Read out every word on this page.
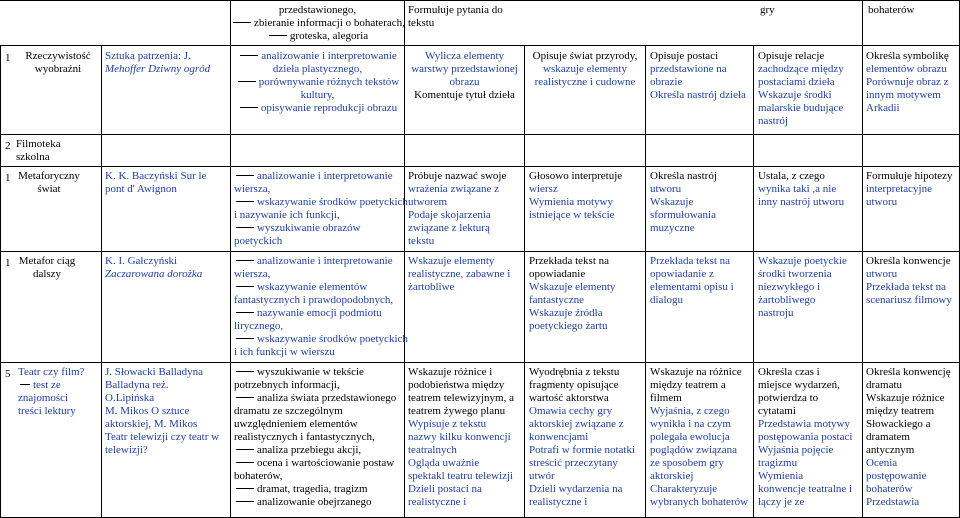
przedstawionego,
zbieranie informacji o bohaterach,
groteska, alegoria
Formułuje pytania do
tekstu
gry	bohaterów
1	Rzeczywistość
wyobraźni
Sztuka patrzenia: J.
Mehoffer Dziwny ogród
analizowanie i interpretowanie
dzieła plastycznego,
porównywanie różnych tekstów
kultury,
opisywanie reprodukcji obrazu
Wylicza elementy
warstwy przedstawionej
obrazu
Komentuje tytuł dzieła
Opisuje świat przyrody,
wskazuje elementy
realistyczne i cudowne
Opisuje postaci
przedstawione na
obrazie
Określa nastrój dzieła
Opisuje relacje
zachodzące między
postaciami dzieła
Wskazuje środki
malarskie budujące
nastrój
Określa symbolikę
elementów obrazu
Porównuje obraz z
innym motywem
Arkadii
2 Filmoteka
szkolna
1 Metaforyczny
świat
K. K. Baczyński Sur le
pont d' Awignon
analizowanie i interpretowanie
wiersza,
wskazywanie środków poetyckich
i nazywanie ich funkcji,
wyszukiwanie obrazów
poetyckich
Próbuje nazwać swoje
wrażenia związane z
utworem
Podaje skojarzenia
związane z lekturą
tekstu
Głosowo interpretuje
wiersz
Wymienia motywy
istniejące w tekście
Określa nastrój
utworu
Wskazuje
sformułowania
muzyczne
Ustala, z czego
wynika taki ,a nie
inny nastrój utworu
Formułuje hipotezy
interpretacyjne
utworu
1 Metafor ciąg
dalszy
K. I. Gałczyński
Zaczarowana dorożka
analizowanie i interpretowanie
wiersza,
wskazywanie elementów
fantastycznych i prawdopodobnych,
nazywanie emocji podmiotu
lirycznego,
wskazywanie środków poetyckich
i ich funkcji w wierszu
Wskazuje elementy
realistyczne, zabawne i
żartobliwe
Przekłada tekst na
opowiadanie
Wskazuje elementy
fantastyczne
Wskazuje źródła
poetyckiego żartu
Przekłada tekst na
opowiadanie z
elementami opisu i
dialogu
Wskazuje poetyckie
środki tworzenia
niezwykłego i
żartobliwego
nastroju
Określa konwencje
utworu
Przekłada tekst na
scenariusz filmowy
5 Teatr czy film?
test ze
znajomości
treści lektury
J. Słowacki Balladyna
Balladyna reż.
O.Lipińska
M. Mikos O sztuce
aktorskiej, M. Mikos
Teatr telewizji czy teatr w
telewizji?
wyszukiwanie w tekście
potrzebnych informacji,
analiza świata przedstawionego
dramatu ze szczególnym
uwzględnieniem elementów
realistycznych i fantastycznych,
analiza przebiegu akcji,
ocena i wartościowanie postaw
bohaterów,
dramat, tragedia, tragizm
analizowanie obejrzanego
Wskazuje różnice i
podobieństwa między
teatrem telewizyjnym, a
teatrem żywego planu
Wypisuje z tekstu
nazwy kilku konwencji
teatralnych
Ogląda uważnie
spektakl teatru telewizji
Dzieli postaci na
realistyczne i
Wyodrębnia z tekstu
fragmenty opisujące
wartość aktorstwa
Omawia cechy gry
aktorskiej związane z
konwencjami
Potrafi w formie notatki
streścić przeczytany
utwór
Dzieli wydarzenia na
realistyczne i
Wskazuje na różnice
między teatrem a
filmem
Wyjaśnia, z czego
wynikła i na czym
polegała ewolucja
poglądów związana
ze sposobem gry
aktorskiej
Charakteryzuje
wybranych bohaterów
Określa czas i
miejsce wydarzeń,
potwierdza to
cytatami
Przedstawia motywy
postępowania postaci
Wyjaśnia pojęcie
tragizmu
Wymienia
konwencje teatralne i
łączy je ze
Określa konwencję
dramatu
Wskazuje różnice
między teatrem
Słowackiego a
dramatem
antycznym
Ocenia
postępowanie
bohaterów
Przedstawia
